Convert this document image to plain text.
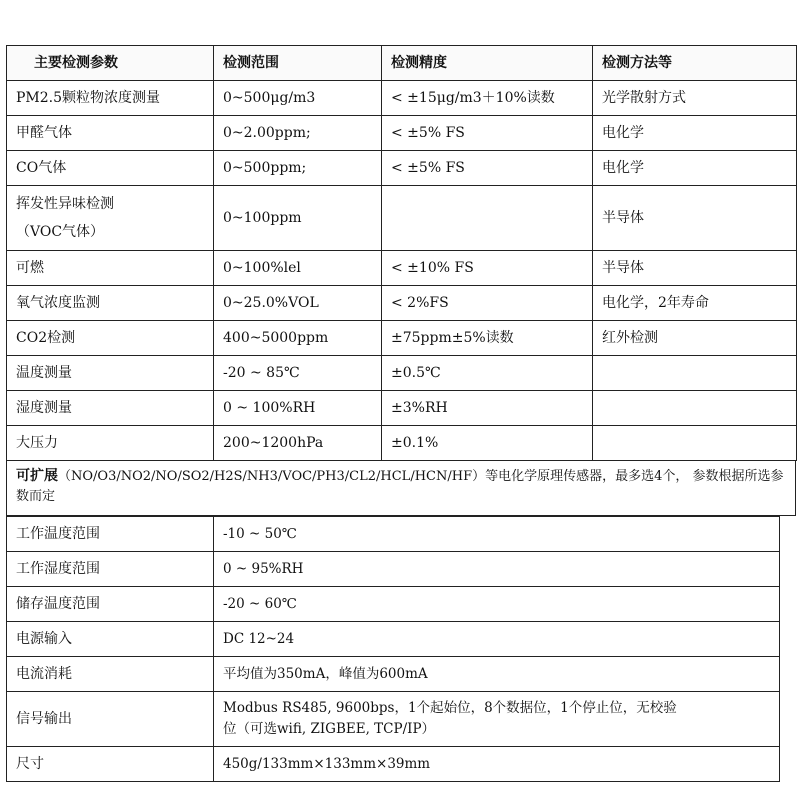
主要检测参数	检测范围	检测精度	检测方法等
PM2.5颗粒物浓度测量	0~500μg/m3	< ±15μg/m3＋10%读数	光学散射方式
甲醛气体	0~2.00ppm;	< ±5% FS	电化学
CO气体	0~500ppm;	< ±5% FS	电化学

挥发性异味检测
（VOC气体）	0~100ppm		半导体
可燃	0~100%lel	< ±10% FS	半导体
氧气浓度监测	0~25.0%VOL	< 2%FS	电化学，2年寿命
CO2检测	400~5000ppm	±75ppm±5%读数	红外检测
温度测量	-20 ~ 85℃	±0.5℃	
湿度测量	0 ~ 100%RH	±3%RH	
大压力	200~1200hPa	±0.1%	
可扩展（NO/O3/NO2/NO/SO2/H2S/NH3/VOC/PH3/CL2/HCL/HCN/HF）等电化学原理传感器，最多选4个， 参数根据所选参数而定
工作温度范围	-10 ~ 50℃
工作湿度范围	0 ~ 95%RH
储存温度范围	-20 ~ 60℃
电源输入	DC 12~24
电流消耗	平均值为350mA，峰值为600mA
信号输出	Modbus RS485, 9600bps，1个起始位，8个数据位，1个停止位，无校验
位（可选wifi, ZIGBEE, TCP/IP）

尺寸	450g/133mm×133mm×39mm
